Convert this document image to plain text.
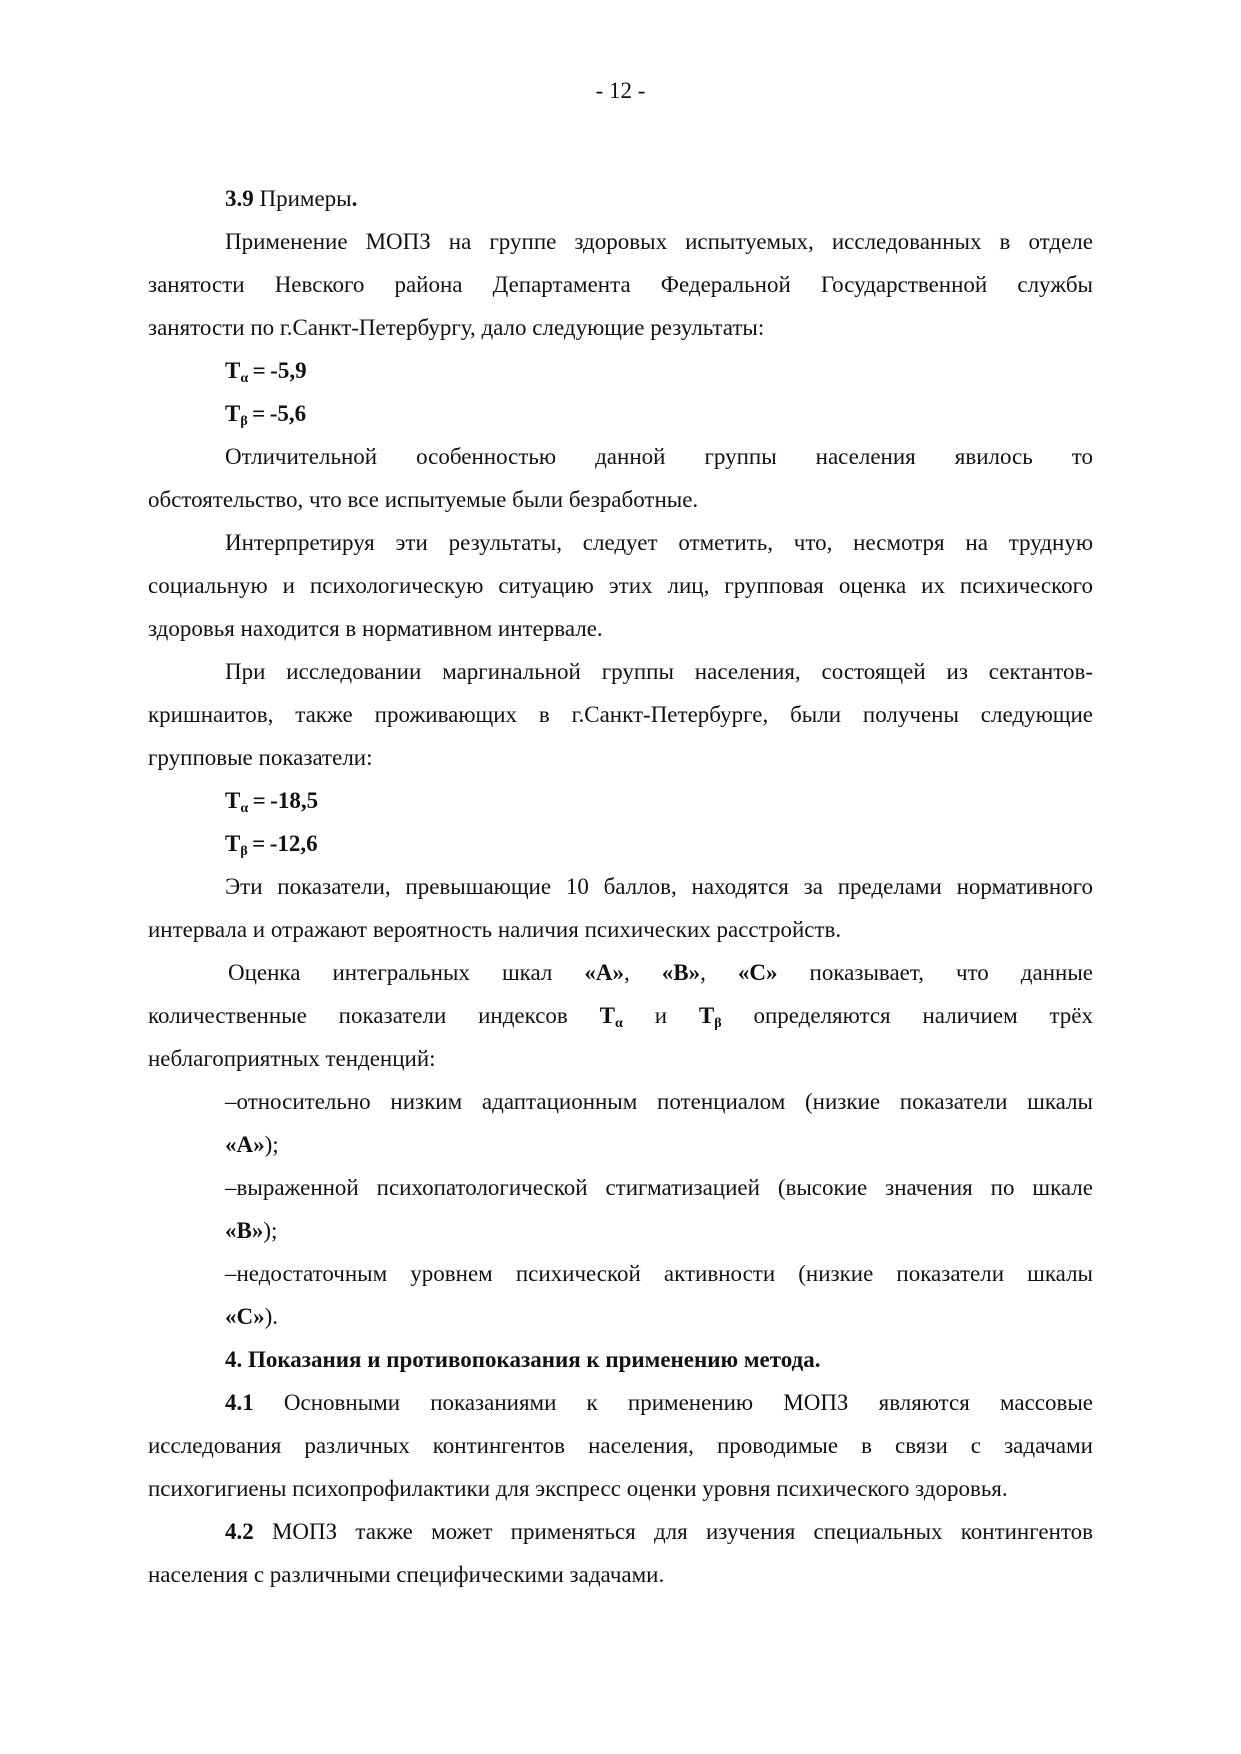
- 12 -
3.9 Примеры.
Применение МОПЗ на группе здоровых испытуемых, исследованных в отделе
занятости Невского района Департамента Федеральной Государственной службы
занятости по г.Санкт-Петербургу, дало следующие результаты:
Tα = -5,9
Tβ = -5,6
Отличительной особенностью данной группы населения явилось то
обстоятельство, что все испытуемые были безработные.
Интерпретируя эти результаты, следует отметить, что, несмотря на трудную
социальную и психологическую ситуацию этих лиц, групповая оценка их психического
здоровья находится в нормативном интервале.
При исследовании маргинальной группы населения, состоящей из сектантов-
кришнаитов, также проживающих в г.Санкт-Петербурге, были получены следующие
групповые показатели:
Tα = -18,5
Tβ = -12,6
Эти показатели, превышающие 10 баллов, находятся за пределами нормативного
интервала и отражают вероятность наличия психических расстройств.
Оценка интегральных шкал «А», «В», «С» показывает, что данные
количественные показатели индексов Tα и Tβ определяются наличием трёх
неблагоприятных тенденций:
–относительно низким адаптационным потенциалом (низкие показатели шкалы
«А»);
–выраженной психопатологической стигматизацией (высокие значения по шкале
«В»);
–недостаточным уровнем психической активности (низкие показатели шкалы
«С»).
4. Показания и противопоказания к применению метода.
4.1 Основными показаниями к применению МОПЗ являются массовые
исследования различных контингентов населения, проводимые в связи с задачами
психогигиены психопрофилактики для экспресс оценки уровня психического здоровья.
4.2 МОПЗ также может применяться для изучения специальных контингентов
населения с различными специфическими задачами.
